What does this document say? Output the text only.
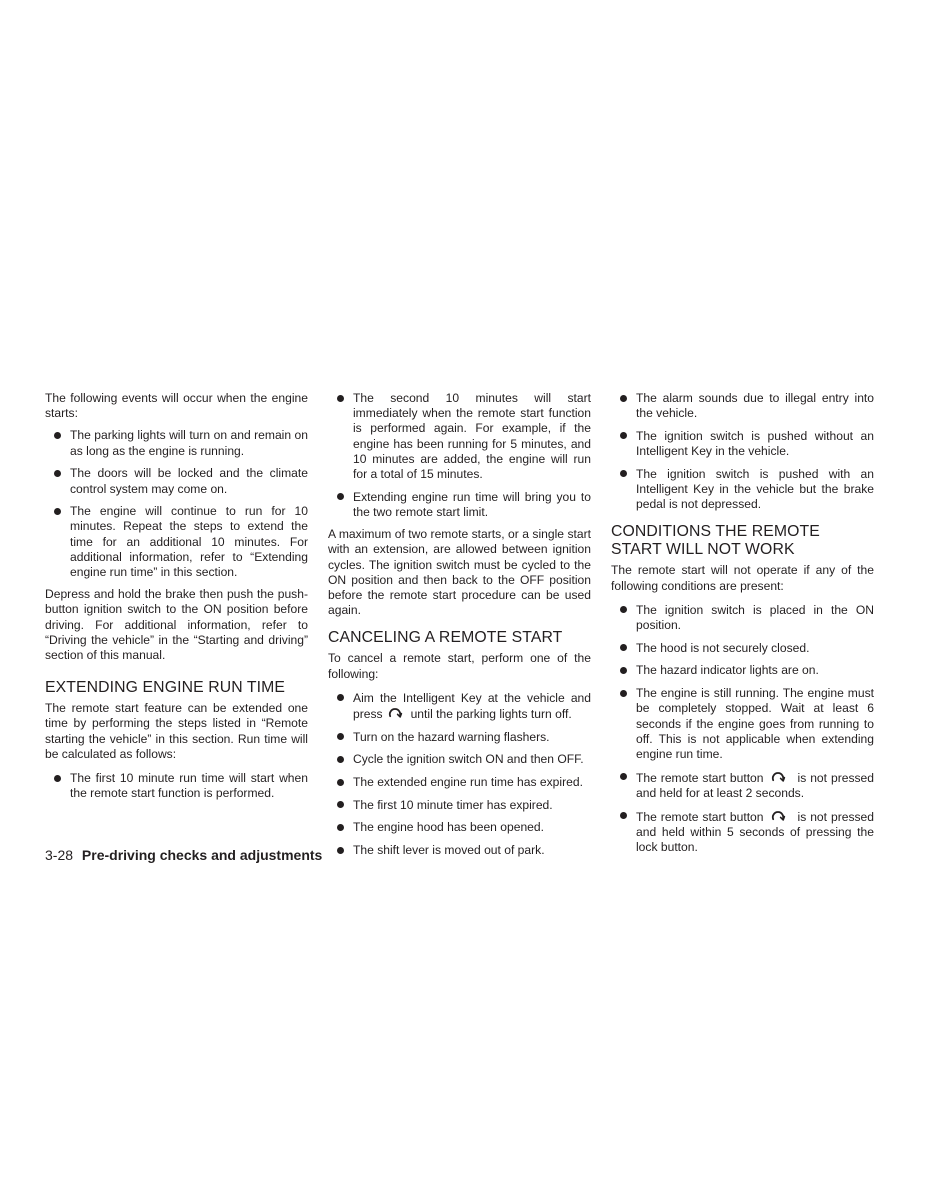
The following events will occur when the engine starts:

The parking lights will turn on and remain on as long as the engine is running.
The doors will be locked and the climate control system may come on.
The engine will continue to run for 10 minutes. Repeat the steps to extend the time for an additional 10 minutes. For additional information, refer to “Extending engine run time” in this section.

Depress and hold the brake then push the push-button ignition switch to the ON position before driving. For additional information, refer to “Driving the vehicle” in the “Starting and driving” section of this manual.

EXTENDING ENGINE RUN TIME

The remote start feature can be extended one time by performing the steps listed in “Remote starting the vehicle” in this section. Run time will be calculated as follows:

The first 10 minute run time will start when the remote start function is performed.
The second 10 minutes will start immediately when the remote start function is performed again. For example, if the engine has been running for 5 minutes, and 10 minutes are added, the engine will run for a total of 15 minutes.
Extending engine run time will bring you to the two remote start limit.

A maximum of two remote starts, or a single start with an extension, are allowed between ignition cycles. The ignition switch must be cycled to the ON position and then back to the OFF position before the remote start procedure can be used again.

CANCELING A REMOTE START

To cancel a remote start, perform one of the following:

Aim the Intelligent Key at the vehicle and press until the parking lights turn off.
Turn on the hazard warning flashers.
Cycle the ignition switch ON and then OFF.
The extended engine run time has expired.
The first 10 minute timer has expired.
The engine hood has been opened.
The shift lever is moved out of park.
The alarm sounds due to illegal entry into the vehicle.
The ignition switch is pushed without an Intelligent Key in the vehicle.
The ignition switch is pushed with an Intelligent Key in the vehicle but the brake pedal is not depressed.
CONDITIONS THE REMOTE START WILL NOT WORK

The remote start will not operate if any of the following conditions are present:

The ignition switch is placed in the ON position.
The hood is not securely closed.
The hazard indicator lights are on.
The engine is still running. The engine must be completely stopped. Wait at least 6 seconds if the engine goes from running to off. This is not applicable when extending engine run time.
The remote start button	is not pressed and held for at least 2 seconds.
The remote start button	is not pressed and held within 5 seconds of pressing the lock button.
3-28 Pre-driving checks and adjustments
